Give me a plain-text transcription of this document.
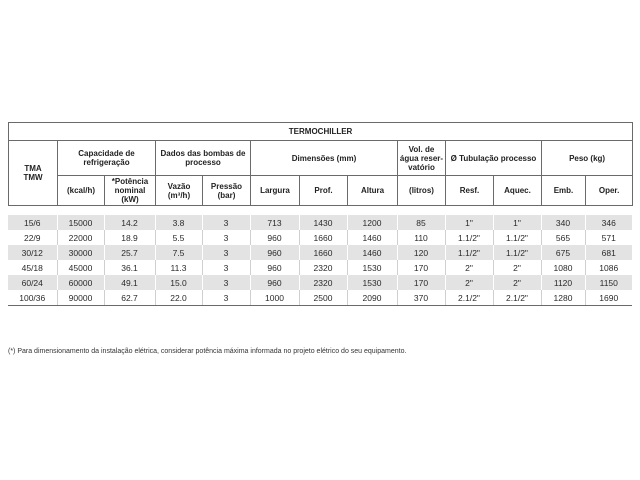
TERMOCHILLER												

TMA
TMW	Capacidade de refrigeração		Dados das bombas de processo		Dimensões (mm)			Vol. de água reser-vatório	Ø Tubulação processo		Peso (kg)	
	(kcal/h)	*Potência nominal (kW)	Vazão (m³/h)	Pressão (bar)	Largura	Prof.	Altura	(litros)	Resf.	Aquec.	Emb.	Oper.
15/6	15000	14.2	3.8	3	713	1430	1200	85	1"	1"	340	346
22/9	22000	18.9	5.5	3	960	1660	1460	110	1.1/2"	1.1/2"	565	571
30/12	30000	25.7	7.5	3	960	1660	1460	120	1.1/2"	1.1/2"	675	681
45/18	45000	36.1	11.3	3	960	2320	1530	170	2"	2"	1080	1086
60/24	60000	49.1	15.0	3	960	2320	1530	170	2"	2"	1120	1150
100/36	90000	62.7	22.0	3	1000	2500	2090	370	2.1/2"	2.1/2"	1280	1690
(*) Para dimensionamento da instalação elétrica, considerar potência máxima informada no projeto elétrico do seu equipamento.
